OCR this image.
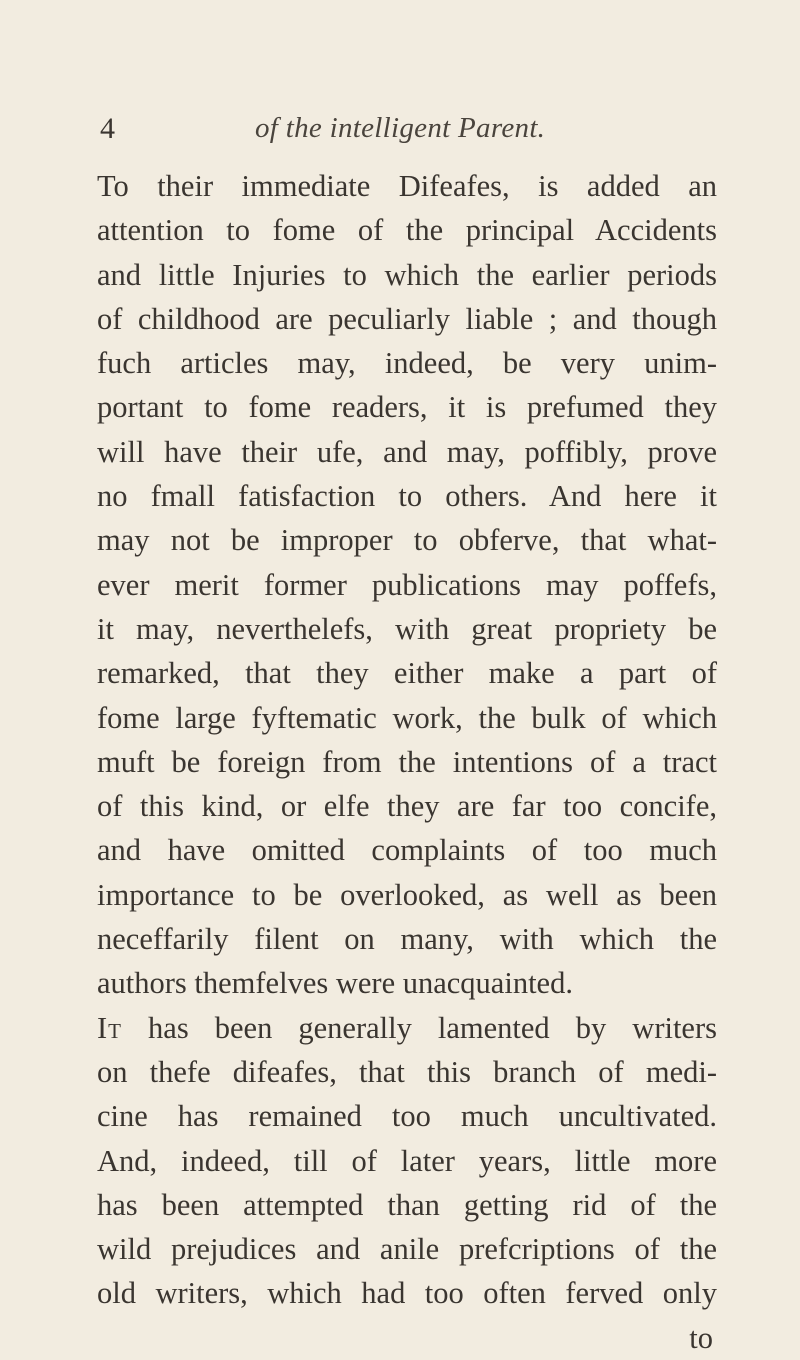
4	of the intelligent Parent.
To their immediate Difeafes, is added an
attention to fome of the principal Accidents
and little Injuries to which the earlier periods
of childhood are peculiarly liable ; and though
fuch articles may, indeed, be very unim-
portant to fome readers, it is prefumed they
will have their ufe, and may, poffibly, prove
no fmall fatisfaction to others. And here it
may not be improper to obferve, that what-
ever merit former publications may poffefs,
it may, neverthelefs, with great propriety be
remarked, that they either make a part of
fome large fyftematic work, the bulk of which
muft be foreign from the intentions of a tract
of this kind, or elfe they are far too concife,
and have omitted complaints of too much
importance to be overlooked, as well as been
neceffarily filent on many, with which the
authors themfelves were unacquainted.
It has been generally lamented by writers
on thefe difeafes, that this branch of medi-
cine has remained too much uncultivated.
And, indeed, till of later years, little more
has been attempted than getting rid of the
wild prejudices and anile prefcriptions of the
old writers, which had too often ferved only
to
